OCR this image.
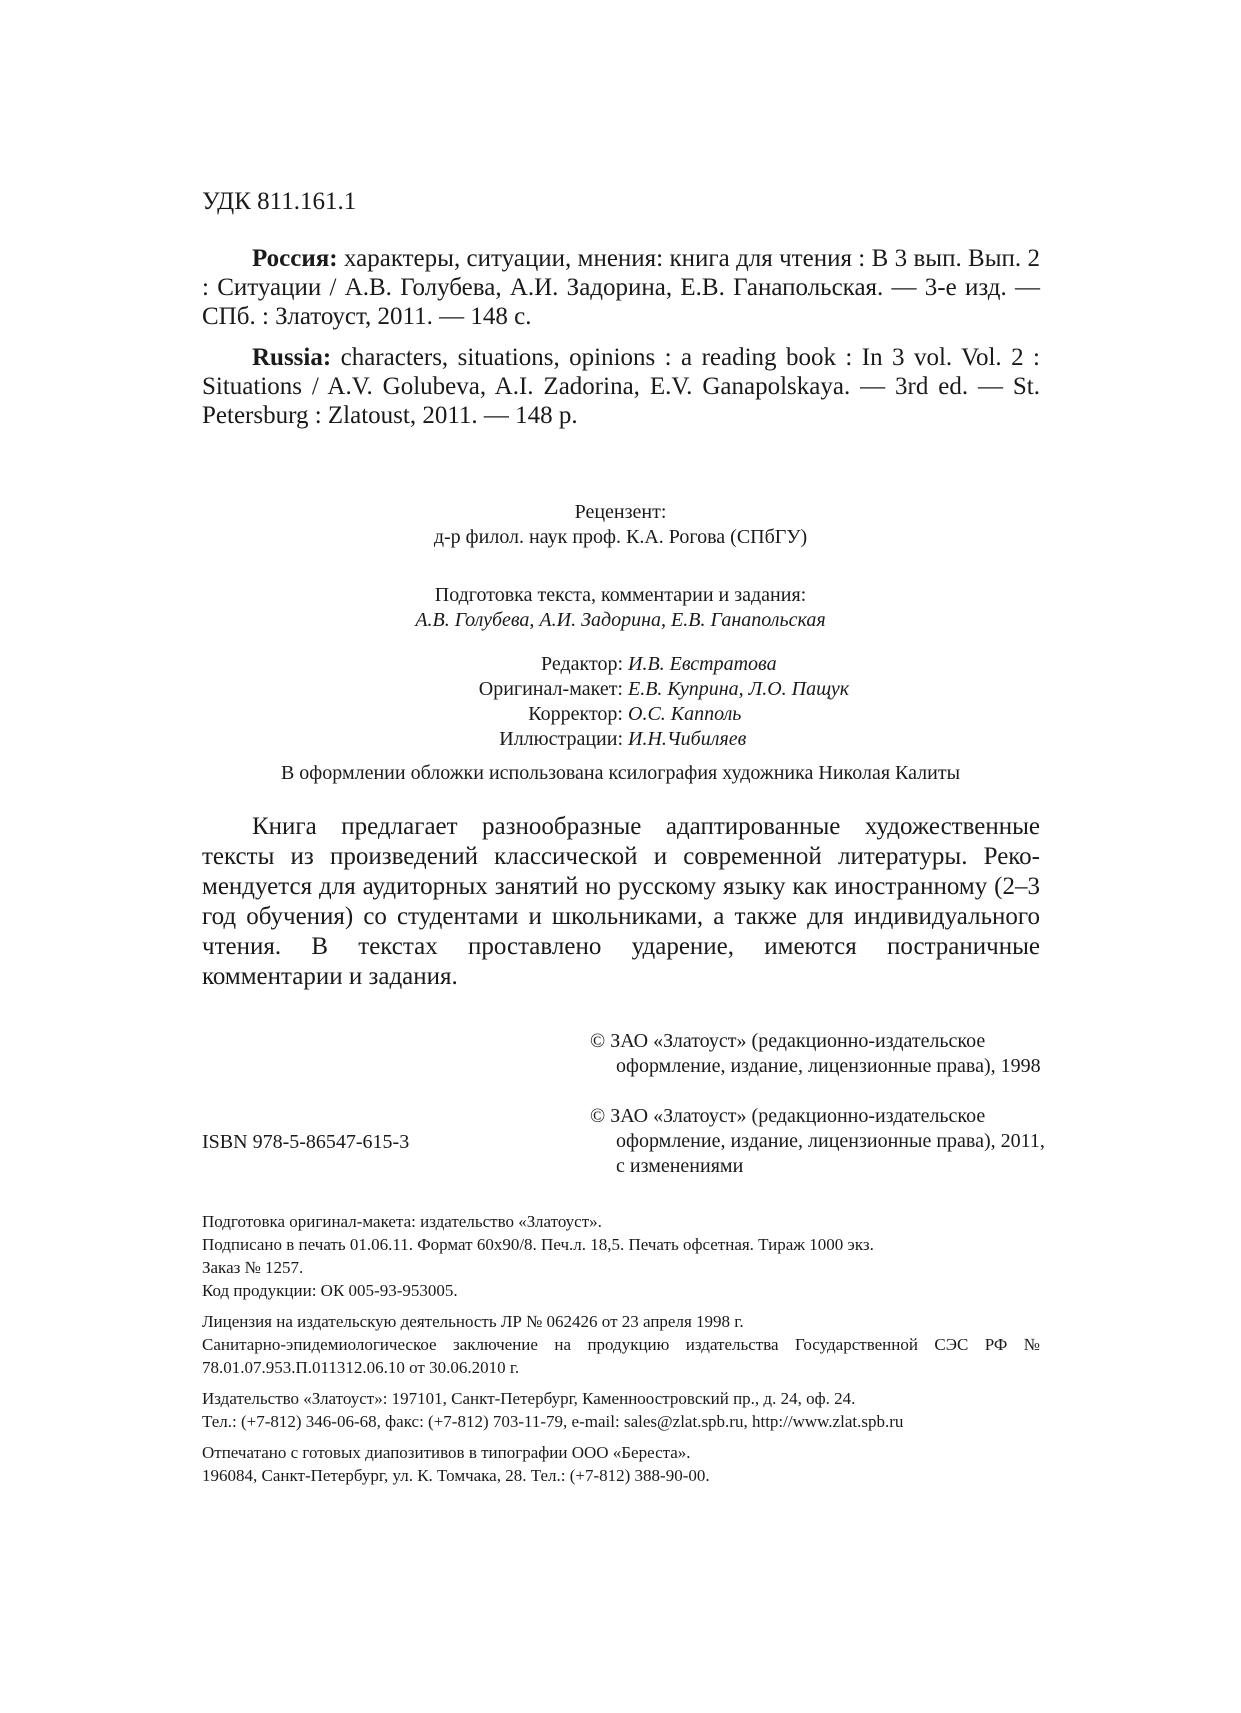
УДК 811.161.1

Россия: характеры, ситуации, мнения: книга для чтения : В 3 вып. Вып. 2 : Ситуации / А.В. Голубева, А.И. Задорина, Е.В. Ганапольская. — 3-е изд. — СПб. : Златоуст, 2011. — 148 с.

Russia: characters, situations, opinions : a reading book : In 3 vol. Vol. 2 : Situations / A.V. Golubeva, A.I. Zadorina, E.V. Ganapolskaya. — 3rd ed. — St. Petersburg : Zlatoust, 2011. — 148 p.

Рецензент:
д-р филол. наук проф. К.А. Рогова (СПбГУ)
Подготовка текста, комментарии и задания:
А.В. Голубева, А.И. Задорина, Е.В. Ганапольская
Редактор: И.В. Евстратова
Оригинал-макет: Е.В. Куприна, Л.О. Пащук
Корректор: О.С. Капполь
Иллюстрации: И.Н.Чибиляев
В оформлении обложки использована ксилография художника Николая Калиты

Книга предлагает разнообразные адаптированные художественные тексты из произведений классической и современной литературы. Рекомендуется для аудиторных занятий но русскому языку как иностранному (2–3 год обучения) со студентами и школьниками, а также для индивидуального чтения. В текстах проставлено ударение, имеются постраничные комментарии и задания.

© ЗАО «Златоуст» (редакционно-издательское оформление, издание, лицензионные права), 1998
© ЗАО «Златоуст» (редакционно-издательское оформление, издание, лицензионные права), 2011, с изменениями
ISBN 978-5-86547-615-3
Подготовка оригинал-макета: издательство «Златоуст».
Подписано в печать 01.06.11. Формат 60х90/8. Печ.л. 18,5. Печать офсетная. Тираж 1000 экз.
Заказ № 1257.
Код продукции: ОК 005-93-953005.
Лицензия на издательскую деятельность ЛР № 062426 от 23 апреля 1998 г.
Санитарно-эпидемиологическое заключение на продукцию издательства Государственной СЭС РФ № 78.01.07.953.П.011312.06.10 от 30.06.2010 г.
Издательство «Златоуст»: 197101, Санкт-Петербург, Каменноостровский пр., д. 24, оф. 24.
Тел.: (+7-812) 346-06-68, факс: (+7-812) 703-11-79, e-mail: sales@zlat.spb.ru, http://www.zlat.spb.ru
Отпечатано с готовых диапозитивов в типографии ООО «Береста».
196084, Санкт-Петербург, ул. К. Томчака, 28. Тел.: (+7-812) 388-90-00.
